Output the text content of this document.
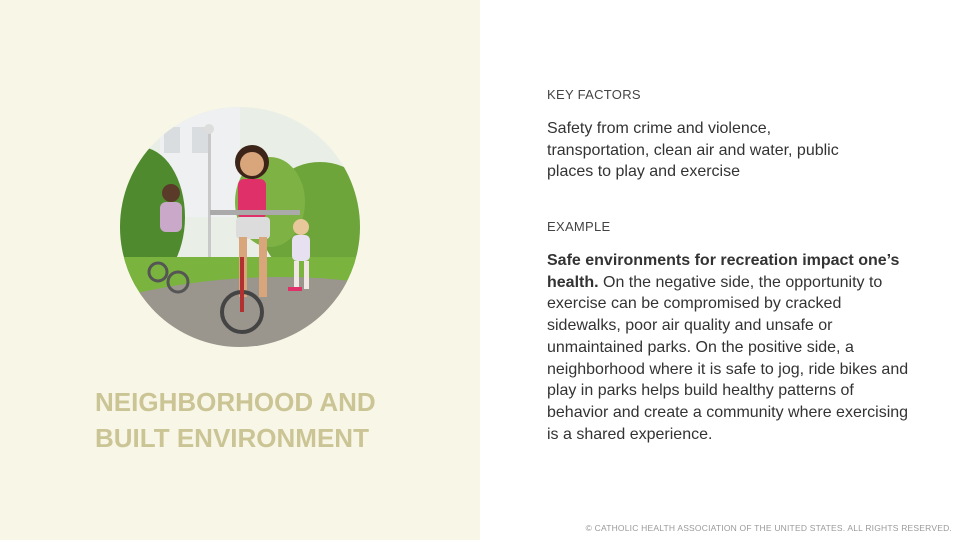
NEIGHBORHOOD AND
BUILT ENVIRONMENT
KEY FACTORS

Safety from crime and violence, transportation, clean air and water, public places to play and exercise

EXAMPLE

Safe environments for recreation impact one’s health. On the negative side, the opportunity to exercise can be compromised by cracked sidewalks, poor air quality and unsafe or unmaintained parks. On the positive side, a neighborhood where it is safe to jog, ride bikes and play in parks helps build healthy patterns of behavior and create a community where exercising is a shared experience.

© CATHOLIC HEALTH ASSOCIATION OF THE UNITED STATES. ALL RIGHTS RESERVED.
